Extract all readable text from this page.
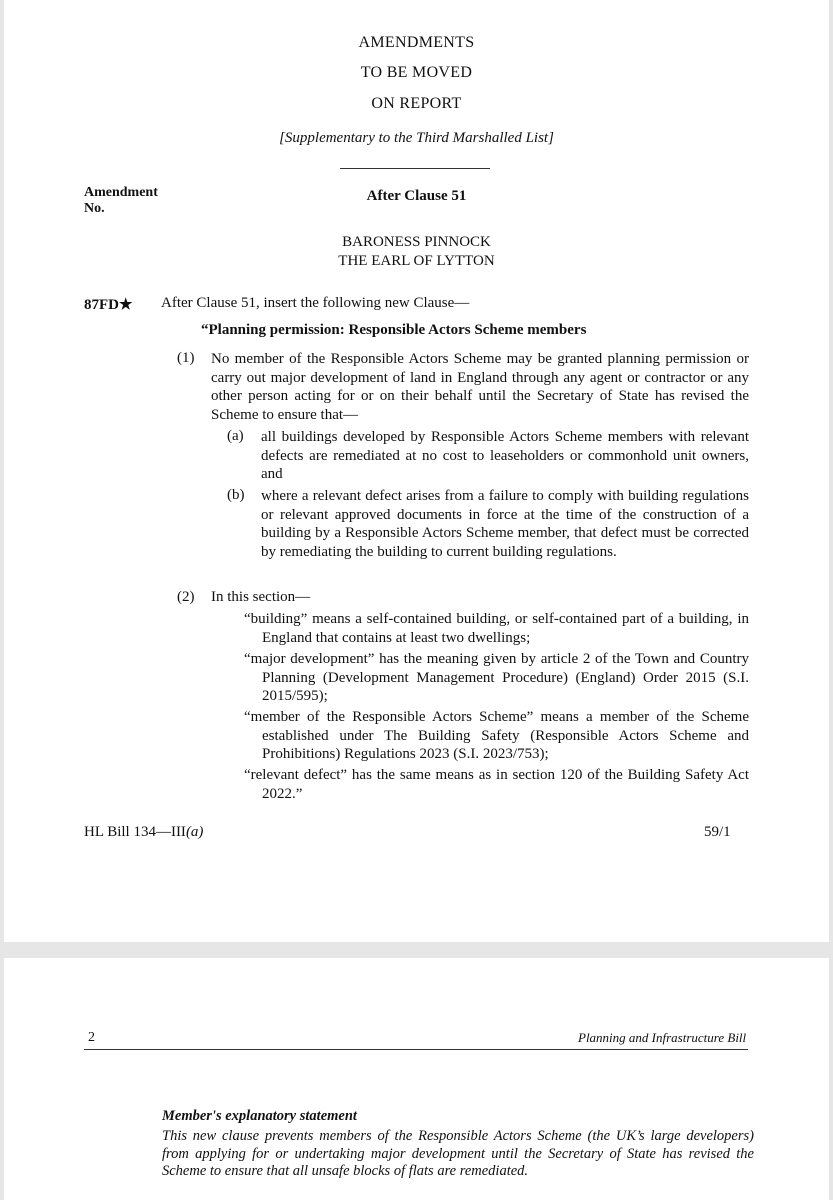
AMENDMENTS

TO BE MOVED

ON REPORT

[Supplementary to the Third Marshalled List]

Amendment
No.

After Clause 51

BARONESS PINNOCK

THE EARL OF LYTTON

87FD★ After Clause 51, insert the following new Clause—

“Planning permission: Responsible Actors Scheme members

(1) No member of the Responsible Actors Scheme may be granted planning permission or carry out major development of land in England through any agent or contractor or any other person acting for or on their behalf until the Secretary of State has revised the Scheme to ensure that—

(a) all buildings developed by Responsible Actors Scheme members with relevant defects are remediated at no cost to leaseholders or commonhold unit owners, and

(b) where a relevant defect arises from a failure to comply with building regulations or relevant approved documents in force at the time of the construction of a building by a Responsible Actors Scheme member, that defect must be corrected by remediating the building to current building regulations.

(2) In this section—

“building” means a self-contained building, or self-contained part of a building, in England that contains at least two dwellings;

“major development” has the meaning given by article 2 of the Town and Country Planning (Development Management Procedure) (England) Order 2015 (S.I. 2015/595);

“member of the Responsible Actors Scheme” means a member of the Scheme established under The Building Safety (Responsible Actors Scheme and Prohibitions) Regulations 2023 (S.I. 2023/753);

“relevant defect” has the same means as in section 120 of the Building Safety Act 2022.”

HL Bill 134—III(a)	59/1

2	Planning and Infrastructure Bill

Member's explanatory statement

This new clause prevents members of the Responsible Actors Scheme (the UK’s large developers) from applying for or undertaking major development until the Secretary of State has revised the Scheme to ensure that all unsafe blocks of flats are remediated.
